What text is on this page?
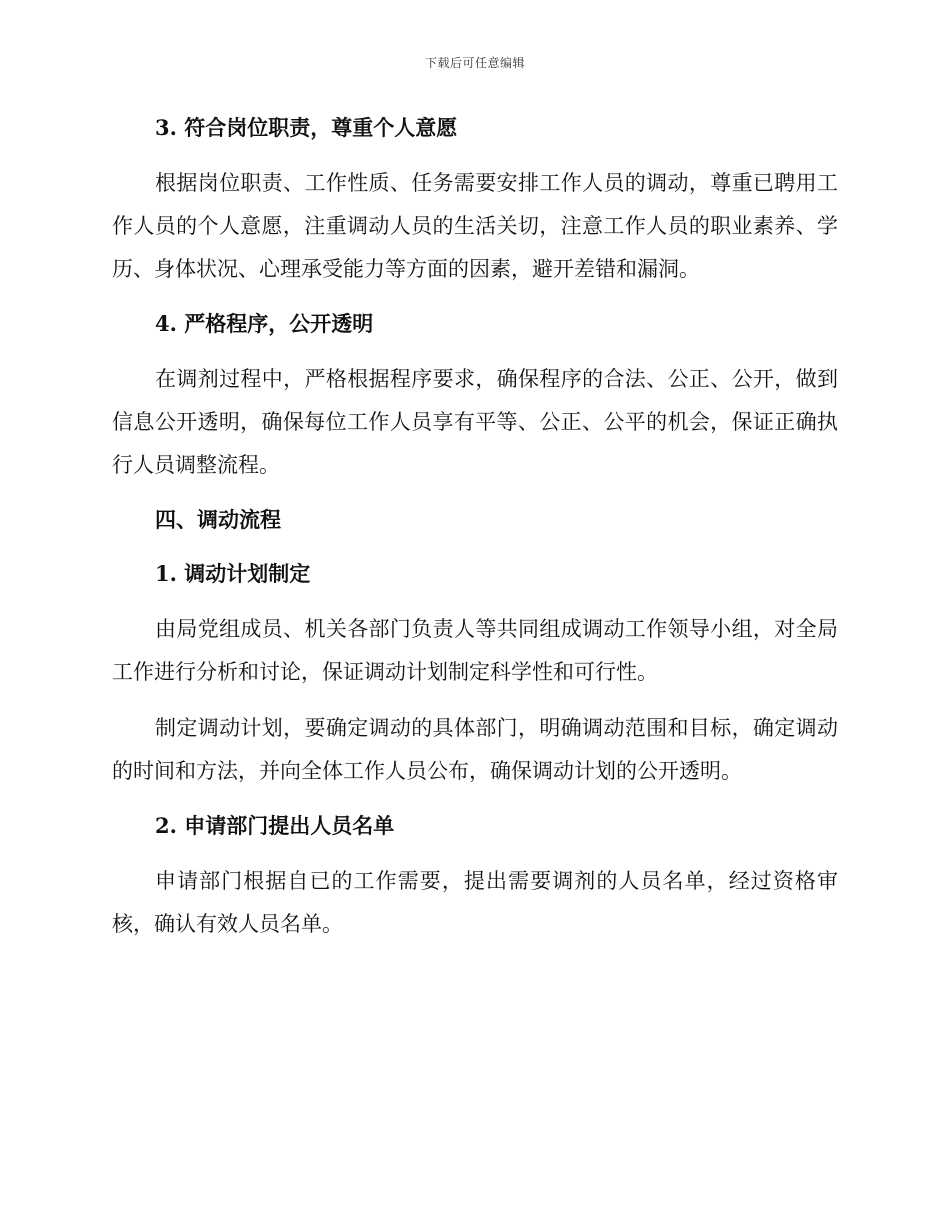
下载后可任意编辑
3. 符合岗位职责，尊重个人意愿

根据岗位职责、工作性质、任务需要安排工作人员的调动，尊重已聘用工作人员的个人意愿，注重调动人员的生活关切，注意工作人员的职业素养、学历、身体状况、心理承受能力等方面的因素，避开差错和漏洞。

4. 严格程序，公开透明

在调剂过程中，严格根据程序要求，确保程序的合法、公正、公开，做到信息公开透明，确保每位工作人员享有平等、公正、公平的机会，保证正确执行人员调整流程。

四、调动流程
1. 调动计划制定

由局党组成员、机关各部门负责人等共同组成调动工作领导小组，对全局工作进行分析和讨论，保证调动计划制定科学性和可行性。

制定调动计划，要确定调动的具体部门，明确调动范围和目标，确定调动的时间和方法，并向全体工作人员公布，确保调动计划的公开透明。

2. 申请部门提出人员名单

申请部门根据自已的工作需要，提出需要调剂的人员名单，经过资格审核，确认有效人员名单。
